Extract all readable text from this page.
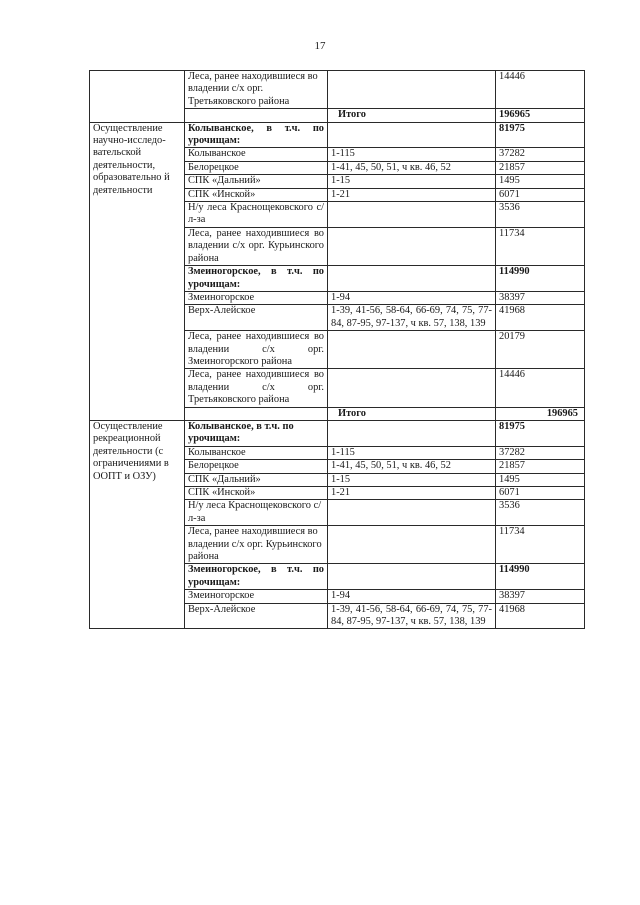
17
	Леса, ранее находившиеся во владении с/х орг. Третьяковского района		14446
		Итого	196965
Осуществление научно-исследо-вательской деятельности, образовательно й деятельности	Колыванское, в т.ч. по урочищам:		81975
	Колыванское	1-115	37282
	Белорецкое	1-41, 45, 50, 51, ч кв. 46, 52	21857
	СПК «Дальний»	1-15	1495
	СПК «Инской»	1-21	6071
	Н/у леса Краснощековского с/л-за		3536
	Леса, ранее находившиеся во владении с/х орг. Курьинского района		11734
	Змеиногорское, в т.ч. по урочищам:		114990
	Змеиногорское	1-94	38397
	Верх-Алейское	1-39, 41-56, 58-64, 66-69, 74, 75, 77-84, 87-95, 97-137, ч кв. 57, 138, 139	41968
	Леса, ранее находившиеся во владении с/х орг. Змеиногорского района		20179
	Леса, ранее находившиеся во владении с/х орг. Третьяковского района		14446
		Итого	196965
Осуществление рекреационной деятельности (с ограничениями в ООПТ и ОЗУ)	Колыванское, в т.ч. по урочищам:		81975
	Колыванское	1-115	37282
	Белорецкое	1-41, 45, 50, 51, ч кв. 46, 52	21857
	СПК «Дальний»	1-15	1495
	СПК «Инской»	1-21	6071
	Н/у леса Краснощековского с/л-за		3536
	Леса, ранее находившиеся во владении с/х орг. Курьинского района		11734
	Змеиногорское, в т.ч. по урочищам:		114990
	Змеиногорское	1-94	38397
	Верх-Алейское	1-39, 41-56, 58-64, 66-69, 74, 75, 77-84, 87-95, 97-137, ч кв. 57, 138, 139	41968
